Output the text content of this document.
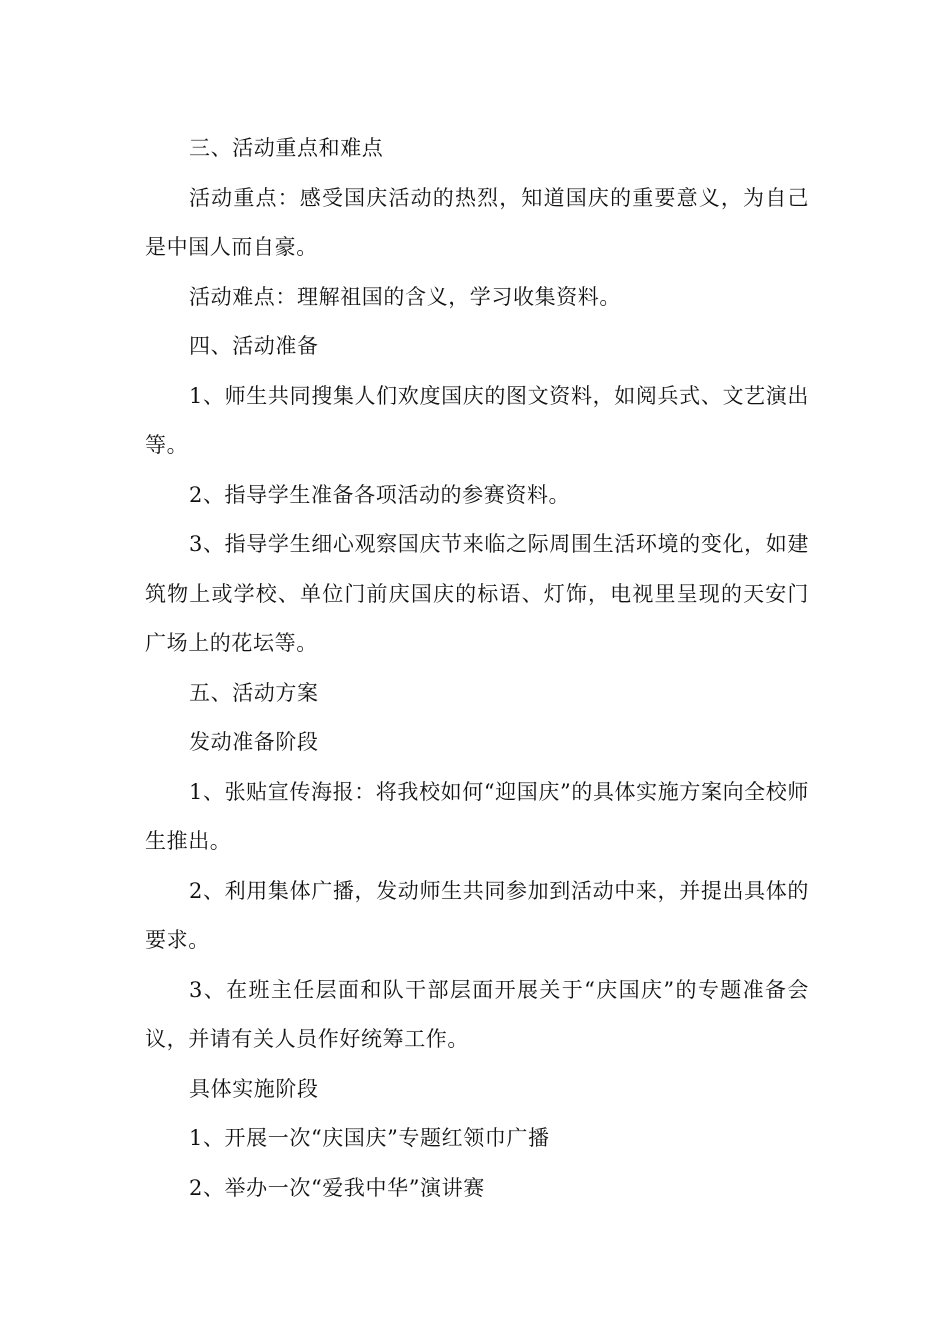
三、活动重点和难点

活动重点：感受国庆活动的热烈，知道国庆的重要意义，为自己是中国人而自豪。

活动难点：理解祖国的含义，学习收集资料。

四、活动准备

1、师生共同搜集人们欢度国庆的图文资料，如阅兵式、文艺演出等。

2、指导学生准备各项活动的参赛资料。

3、指导学生细心观察国庆节来临之际周围生活环境的变化，如建筑物上或学校、单位门前庆国庆的标语、灯饰，电视里呈现的天安门广场上的花坛等。

五、活动方案

发动准备阶段

1、张贴宣传海报：将我校如何“迎国庆”的具体实施方案向全校师生推出。

2、利用集体广播，发动师生共同参加到活动中来，并提出具体的要求。

3、在班主任层面和队干部层面开展关于“庆国庆”的专题准备会议，并请有关人员作好统筹工作。

具体实施阶段

1、开展一次“庆国庆”专题红领巾广播

2、举办一次“爱我中华”演讲赛
